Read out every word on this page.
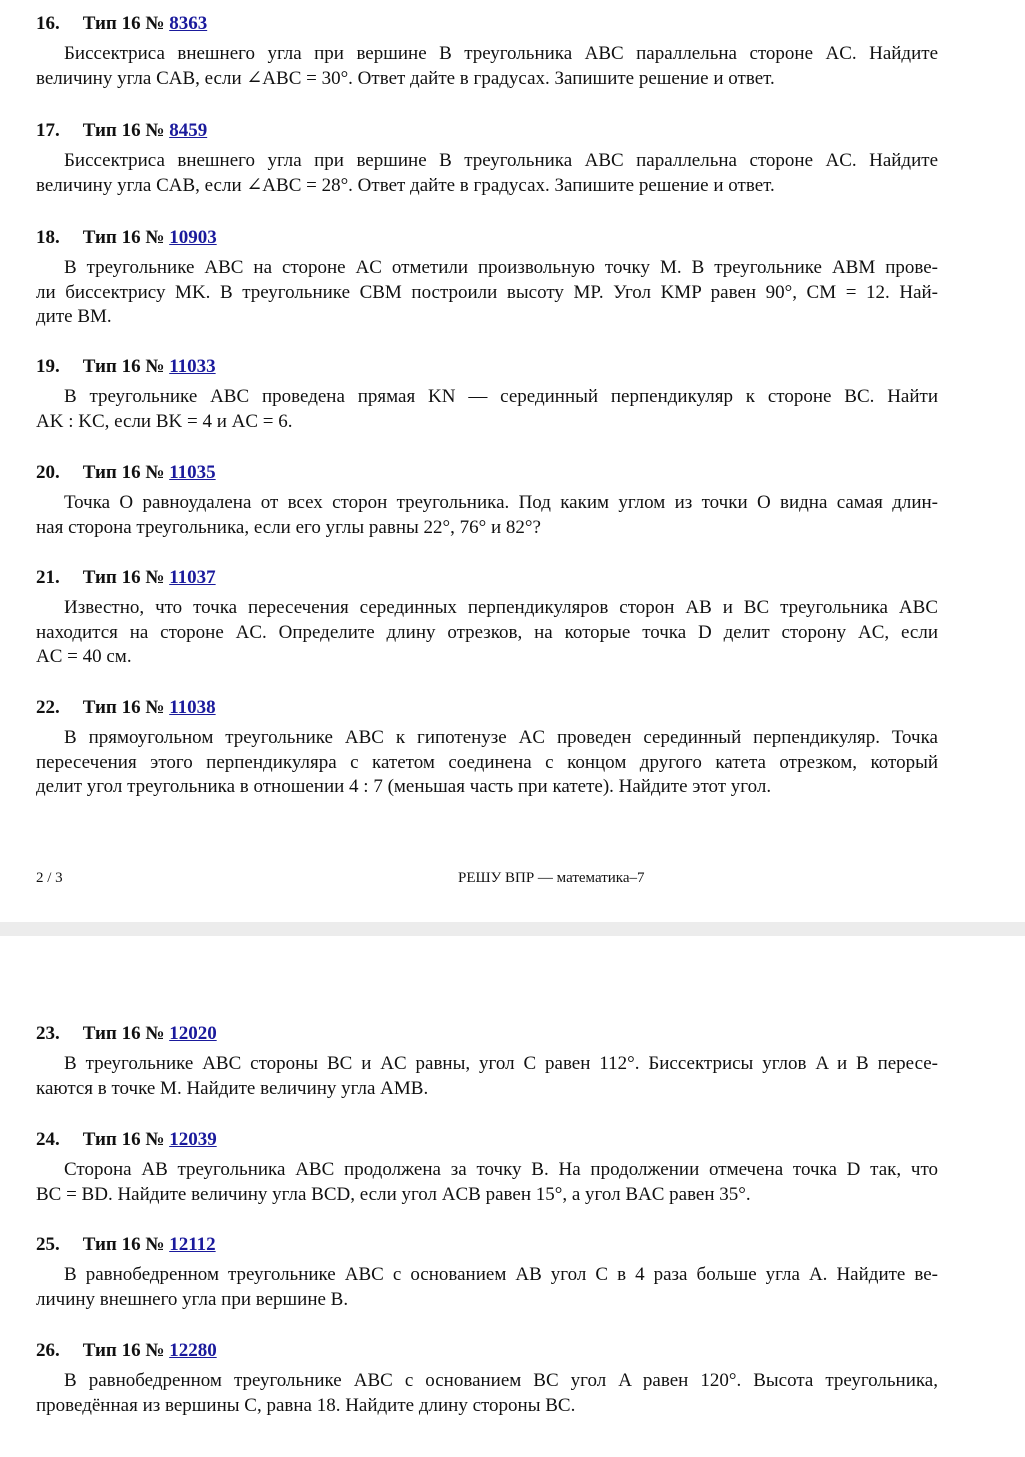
16. Тип 16 № 8363
Биссектриса внешнего угла при вершине B треугольника ABC параллельна стороне AC. Найдите
величину угла CAB, если ∠ABC = 30°. Ответ дайте в градусах. Запишите решение и ответ.
17. Тип 16 № 8459
Биссектриса внешнего угла при вершине B треугольника ABC параллельна стороне AC. Найдите
величину угла CAB, если ∠ABC = 28°. Ответ дайте в градусах. Запишите решение и ответ.
18. Тип 16 № 10903
В треугольнике ABC на стороне AC отметили произвольную точку M. В треугольнике ABM прове-
ли биссектрису MK. В треугольнике CBM построили высоту MP. Угол KMP равен 90°, CM = 12. Най-
дите BM.
19. Тип 16 № 11033
В треугольнике ABC проведена прямая KN — серединный перпендикуляр к стороне BC. Найти
AK : KC, если BK = 4 и AC = 6.
20. Тип 16 № 11035
Точка O равноудалена от всех сторон треугольника. Под каким углом из точки O видна самая длин-
ная сторона треугольника, если его углы равны 22°, 76° и 82°?
21. Тип 16 № 11037
Известно, что точка пересечения серединных перпендикуляров сторон AB и BC треугольника ABC
находится на стороне AC. Определите длину отрезков, на которые точка D делит сторону AC, если
AC = 40 см.
22. Тип 16 № 11038
В прямоугольном треугольнике ABC к гипотенузе AC проведен серединный перпендикуляр. Точка
пересечения этого перпендикуляра с катетом соединена с концом другого катета отрезком, который
делит угол треугольника в отношении 4 : 7 (меньшая часть при катете). Найдите этот угол.
2 / 3	РЕШУ ВПР — математика–7
23. Тип 16 № 12020
В треугольнике ABC стороны BC и AC равны, угол C равен 112°. Биссектрисы углов A и B пересе-
каются в точке M. Найдите величину угла AMB.
24. Тип 16 № 12039
Сторона AB треугольника ABC продолжена за точку B. На продолжении отмечена точка D так, что
BC = BD. Найдите величину угла BCD, если угол ACB равен 15°, а угол BAC равен 35°.
25. Тип 16 № 12112
В равнобедренном треугольнике ABC с основанием AB угол C в 4 раза больше угла A. Найдите ве-
личину внешнего угла при вершине B.
26. Тип 16 № 12280
В равнобедренном треугольнике ABC с основанием BC угол A равен 120°. Высота треугольника,
проведённая из вершины C, равна 18. Найдите длину стороны BC.
